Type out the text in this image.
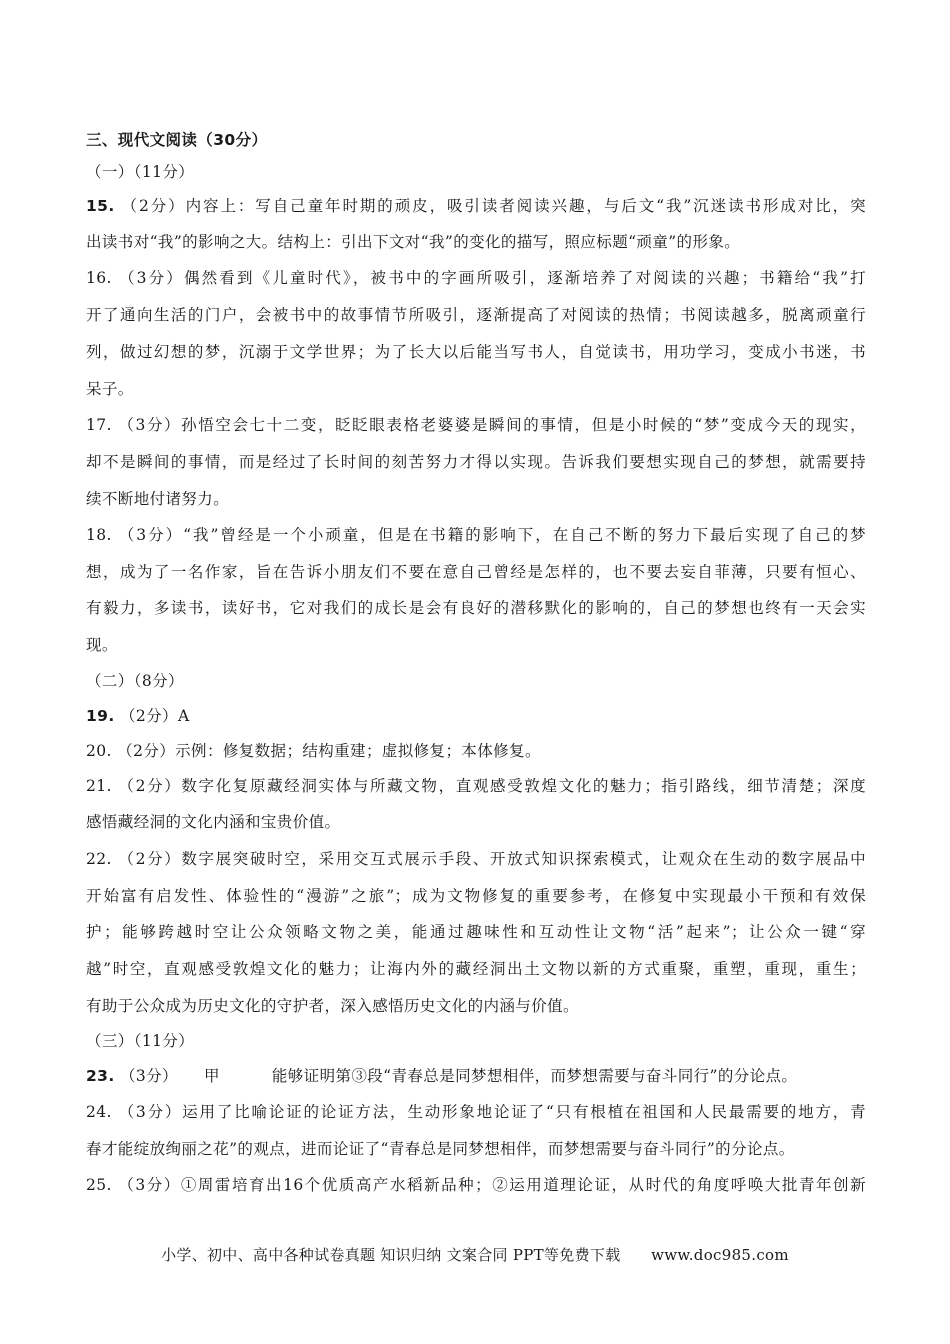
三、现代文阅读（30分）
（一）（11分）
15. （2分）内容上：写自己童年时期的顽皮，吸引读者阅读兴趣，与后文“我”沉迷读书形成对比，突
出读书对“我”的影响之大。结构上：引出下文对“我”的变化的描写，照应标题“顽童”的形象。
16. （3分）偶然看到《儿童时代》，被书中的字画所吸引，逐渐培养了对阅读的兴趣；书籍给“我”打
开了通向生活的门户，会被书中的故事情节所吸引，逐渐提高了对阅读的热情；书阅读越多，脱离顽童行
列，做过幻想的梦，沉溺于文学世界；为了长大以后能当写书人，自觉读书，用功学习，变成小书迷，书
呆子。
17. （3分）孙悟空会七十二变，眨眨眼表格老婆婆是瞬间的事情，但是小时候的“梦”变成今天的现实，
却不是瞬间的事情，而是经过了长时间的刻苦努力才得以实现。告诉我们要想实现自己的梦想，就需要持
续不断地付诸努力。
18. （3分）“我”曾经是一个小顽童，但是在书籍的影响下，在自己不断的努力下最后实现了自己的梦
想，成为了一名作家，旨在告诉小朋友们不要在意自己曾经是怎样的，也不要去妄自菲薄，只要有恒心、
有毅力，多读书，读好书，它对我们的成长是会有良好的潜移默化的影响的，自己的梦想也终有一天会实
现。
（二）（8分）
19. （2分）A
20. （2分）示例：修复数据；结构重建；虚拟修复；本体修复。
21. （2分）数字化复原藏经洞实体与所藏文物，直观感受敦煌文化的魅力；指引路线，细节清楚；深度
感悟藏经洞的文化内涵和宝贵价值。
22. （2分）数字展突破时空，采用交互式展示手段、开放式知识探索模式，让观众在生动的数字展品中
开始富有启发性、体验性的“漫游”之旅”；成为文物修复的重要参考，在修复中实现最小干预和有效保
护；能够跨越时空让公众领略文物之美，能通过趣味性和互动性让文物“活”起来”；让公众一键“穿
越”时空，直观感受敦煌文化的魅力；让海内外的藏经洞出土文物以新的方式重聚，重塑，重现，重生；
有助于公众成为历史文化的守护者，深入感悟历史文化的内涵与价值。
（三）（11分）
23. （3分） 甲	能够证明第③段“青春总是同梦想相伴，而梦想需要与奋斗同行”的分论点。
24. （3分）运用了比喻论证的论证方法，生动形象地论证了“只有根植在祖国和人民最需要的地方，青
春才能绽放绚丽之花”的观点，进而论证了“青春总是同梦想相伴，而梦想需要与奋斗同行”的分论点。
25. （3分）①周雷培育出16个优质高产水稻新品种；②运用道理论证，从时代的角度呼唤大批青年创新
小学、初中、高中各种试卷真题 知识归纳 文案合同 PPT等免费下载　　www.doc985.com
